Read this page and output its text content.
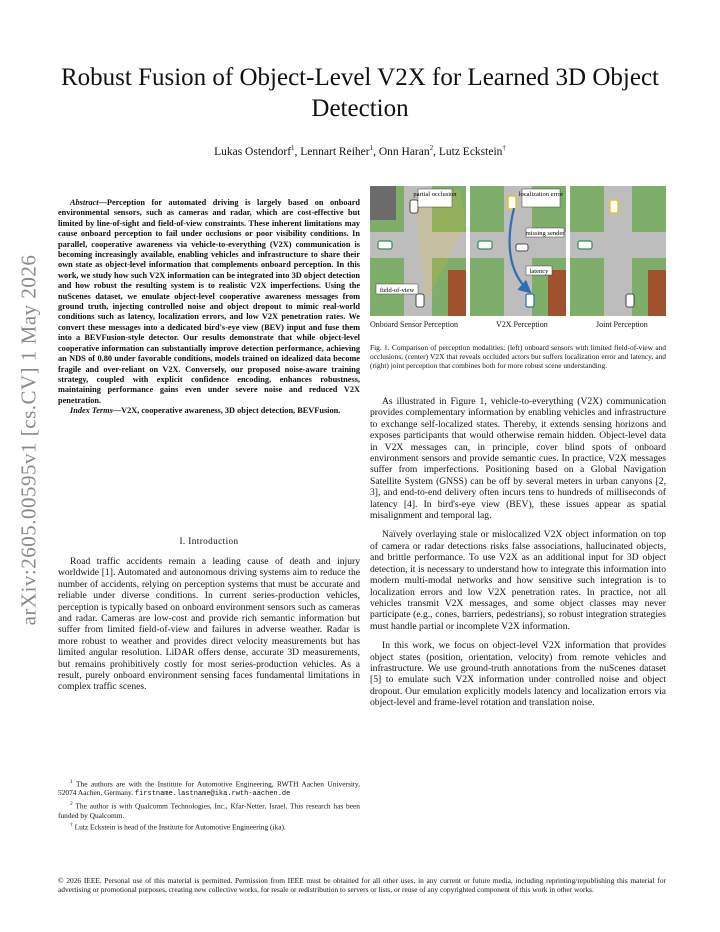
Robust Fusion of Object-Level V2X for Learned 3D Object Detection
Lukas Ostendorf$^1$, Lennart Reiher$^1$, Onn Haran$^2$, Lutz Eckstein†
arXiv:2605.00595v1 [cs.CV] 1 May 2026

Abstract—Perception for automated driving is largely based on onboard environmental sensors, such as cameras and radar, which are cost-effective but limited by line-of-sight and field-of-view constraints. These inherent limitations may cause onboard perception to fail under occlusions or poor visibility conditions. In parallel, cooperative awareness via vehicle-to-everything (V2X) communication is becoming increasingly available, enabling vehicles and infrastructure to share their own state as object-level information that complements onboard perception. In this work, we study how such V2X information can be integrated into 3D object detection and how robust the resulting system is to realistic V2X imperfections. Using the nuScenes dataset, we emulate object-level cooperative awareness messages from ground truth, injecting controlled noise and object dropout to mimic real-world conditions such as latency, localization errors, and low V2X penetration rates. We convert these messages into a dedicated bird's-eye view (BEV) input and fuse them into a BEVFusion-style detector. Our results demonstrate that while object-level cooperative information can substantially improve detection performance, achieving an NDS of 0.80 under favorable conditions, models trained on idealized data become fragile and over-reliant on V2X. Conversely, our proposed noise-aware training strategy, coupled with explicit confidence encoding, enhances robustness, maintaining performance gains even under severe noise and reduced V2X penetration.

Index Terms—V2X, cooperative awareness, 3D object detection, BEVFusion.

I. Introduction

Road traffic accidents remain a leading cause of death and injury worldwide [1]. Automated and autonomous driving systems aim to reduce the number of accidents, relying on perception systems that must be accurate and reliable under diverse conditions. In current series-production vehicles, perception is typically based on onboard environment sensors such as cameras and radar. Cameras are low-cost and provide rich semantic information but suffer from limited field-of-view and failures in adverse weather. Radar is more robust to weather and provides direct velocity measurements but has limited angular resolution. LiDAR offers dense, accurate 3D measurements, but remains prohibitively costly for most series-production vehicles. As a result, purely onboard environment sensing faces fundamental limitations in complex traffic scenes.

$^1$ The authors are with the Institute for Automotive Engineering, RWTH Aachen University, 52074 Aachen, Germany. firstname.lastname@ika.rwth-aachen.de

$^2$ The author is with Qualcomm Technologies, Inc., Kfar-Netter, Israel. This research has been funded by Qualcomm.

† Lutz Eckstein is head of the Institute for Automotive Engineering (ika).

partial occlusion
field-of-view
localization error
missing sender
latency
Onboard Sensor Perception	V2X Perception	Joint Perception
Fig. 1. Comparison of perception modalities: (left) onboard sensors with limited field-of-view and occlusions, (center) V2X that reveals occluded actors but suffers localization error and latency, and (right) joint perception that combines both for more robust scene understanding.

As illustrated in Figure 1, vehicle-to-everything (V2X) communication provides complementary information by enabling vehicles and infrastructure to exchange self-localized states. Thereby, it extends sensing horizons and exposes participants that would otherwise remain hidden. Object-level data in V2X messages can, in principle, cover blind spots of onboard environment sensors and provide semantic cues. In practice, V2X messages suffer from imperfections. Positioning based on a Global Navigation Satellite System (GNSS) can be off by several meters in urban canyons [2, 3], and end-to-end delivery often incurs tens to hundreds of milliseconds of latency [4]. In bird's-eye view (BEV), these issues appear as spatial misalignment and temporal lag.

Naïvely overlaying stale or mislocalized V2X object information on top of camera or radar detections risks false associations, hallucinated objects, and brittle performance. To use V2X as an additional input for 3D object detection, it is necessary to understand how to integrate this information into modern multi-modal networks and how sensitive such integration is to localization errors and low V2X penetration rates. In practice, not all vehicles transmit V2X messages, and some object classes may never participate (e.g., cones, barriers, pedestrians), so robust integration strategies must handle partial or incomplete V2X information.

In this work, we focus on object-level V2X information that provides object states (position, orientation, velocity) from remote vehicles and infrastructure. We use ground-truth annotations from the nuScenes dataset [5] to emulate such V2X information under controlled noise and object dropout. Our emulation explicitly models latency and localization errors via object-level and frame-level rotation and translation noise.

© 2026 IEEE. Personal use of this material is permitted. Permission from IEEE must be obtained for all other uses, in any current or future media, including reprinting/republishing this material for advertising or promotional purposes, creating new collective works, for resale or redistribution to servers or lists, or reuse of any copyrighted component of this work in other works.
